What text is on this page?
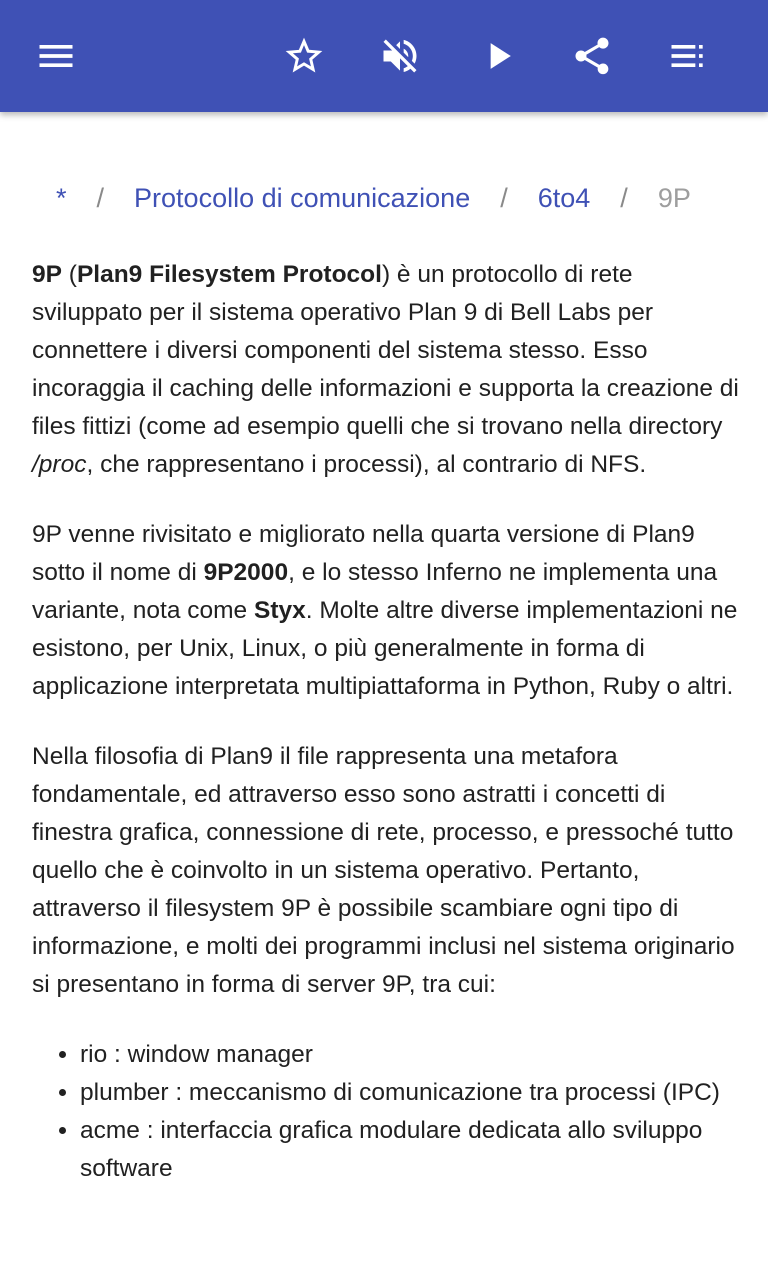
* / Protocollo di comunicazione / 6to4 / 9P

9P (Plan9 Filesystem Protocol) è un protocollo di rete sviluppato per il sistema operativo Plan 9 di Bell Labs per connettere i diversi componenti del sistema stesso. Esso incoraggia il caching delle informazioni e supporta la creazione di files fittizi (come ad esempio quelli che si trovano nella directory /proc, che rappresentano i processi), al contrario di NFS.

9P venne rivisitato e migliorato nella quarta versione di Plan9 sotto il nome di 9P2000, e lo stesso Inferno ne implementa una variante, nota come Styx. Molte altre diverse implementazioni ne esistono, per Unix, Linux, o più generalmente in forma di applicazione interpretata multipiattaforma in Python, Ruby o altri.

Nella filosofia di Plan9 il file rappresenta una metafora fondamentale, ed attraverso esso sono astratti i concetti di finestra grafica, connessione di rete, processo, e pressoché tutto quello che è coinvolto in un sistema operativo. Pertanto, attraverso il filesystem 9P è possibile scambiare ogni tipo di informazione, e molti dei programmi inclusi nel sistema originario si presentano in forma di server 9P, tra cui:

• rio : window manager
• plumber : meccanismo di comunicazione tra processi (IPC)
• acme : interfaccia grafica modulare dedicata allo sviluppo software
